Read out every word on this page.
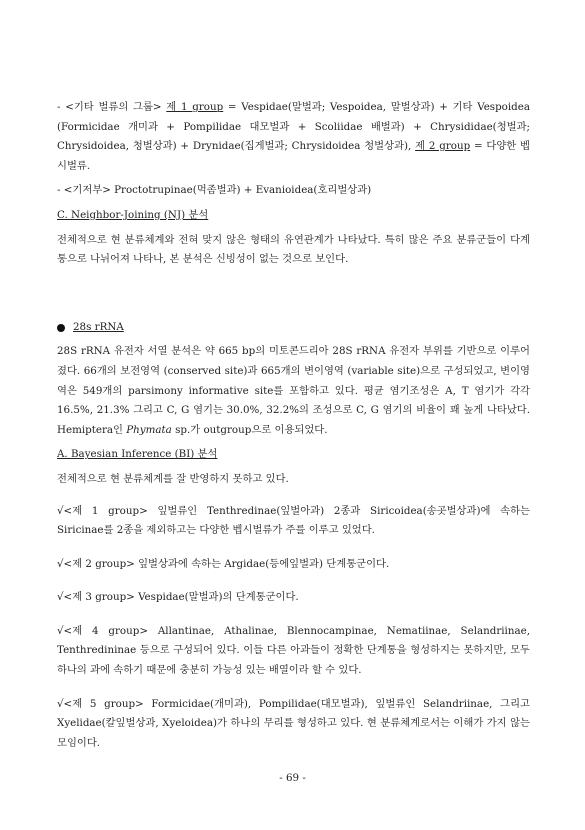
- <기타 벌류의 그룹> 제 1 group = Vespidae(말벌과; Vespoidea, 말벌상과) + 기타 Vespoidea (Formicidae 개미과 + Pompilidae 대모벌과 + Scoliidae 배벌과) + Chrysididae(청벌과; Chrysidoidea, 청벌상과) + Drynidae(집게벌과; Chrysidoidea 청벌상과), 제 2 group = 다양한 벱시벌류.

- <기저부> Proctotrupinae(먹좀벌과) + Evanioidea(호리벌상과)

C. Neighbor-Joining (NJ) 분석

전체적으로 현 분류체계와 전혀 맞지 않은 형태의 유연관계가 나타났다. 특히 많은 주요 분류군들이 다계통으로 나뉘어져 나타나, 본 분석은 신빙성이 없는 것으로 보인다.

28s rRNA

28S rRNA 유전자 서열 분석은 약 665 bp의 미토콘드리아 28S rRNA 유전자 부위를 기반으로 이루어졌다. 66개의 보전영역 (conserved site)과 665개의 변이영역 (variable site)으로 구성되었고, 변이영역은 549개의 parsimony informative site를 포함하고 있다. 평균 염기조성은 A, T 염기가 각각 16.5%, 21.3% 그리고 C, G 염기는 30.0%, 32.2%의 조성으로 C, G 염기의 비율이 꽤 높게 나타났다. Hemiptera인 Phymata sp.가 outgroup으로 이용되었다.

A. Bayesian Inference (BI) 분석

전체적으로 현 분류체계를 잘 반영하지 못하고 있다.

√<제 1 group> 잎벌류인 Tenthredinae(잎벌아과) 2종과 Siricoidea(송곳벌상과)에 속하는 Siricinae를 2종을 제외하고는 다양한 벱시벌류가 주를 이루고 있었다.

√<제 2 group> 잎벌상과에 속하는 Argidae(등에잎벌과) 단계통군이다.

√<제 3 group> Vespidae(말벌과)의 단계통군이다.

√<제 4 group> Allantinae, Athalinae, Blennocampinae, Nematiinae, Selandriinae, Tenthredininae 등으로 구성되어 있다. 이들 다른 아과들이 정확한 단계통을 형성하지는 못하지만, 모두 하나의 과에 속하기 때문에 충분히 가능성 있는 배열이라 할 수 있다.

√<제 5 group> Formicidae(개미과), Pompilidae(대모벌과), 잎벌류인 Selandriinae, 그리고 Xyelidae(칼잎벌상과, Xyeloidea)가 하나의 무리를 형성하고 있다. 현 분류체계로서는 이해가 가지 않는 모임이다.

- 69 -
